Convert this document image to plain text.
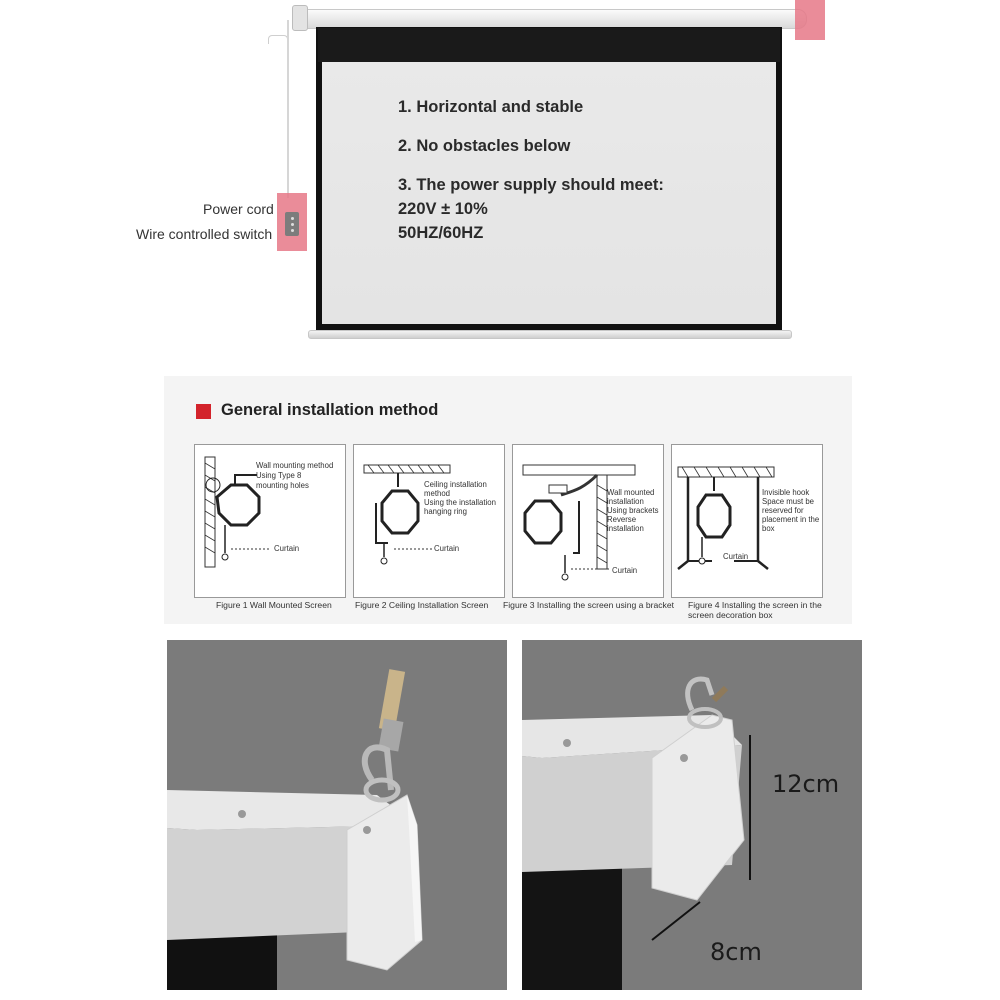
1. Horizontal and stable
2. No obstacles below
3. The power supply should meet:
220V ± 10%
50HZ/60HZ
Power cord
Wire controlled switch
General installation method
Wall mounting method
Using Type 8
mounting holes
Curtain
Figure 1 Wall Mounted Screen
Ceiling installation
method
Using the installation
hanging ring
Curtain
Figure 2 Ceiling Installation Screen
Wall mounted
installation
Using brackets
Reverse
installation
Curtain
Figure 3 Installing the screen using a bracket
Invisible hook
Space must be
reserved for
placement in the
box
Curtain
Figure 4 Installing the screen in the
screen decoration box
12cm
8cm
